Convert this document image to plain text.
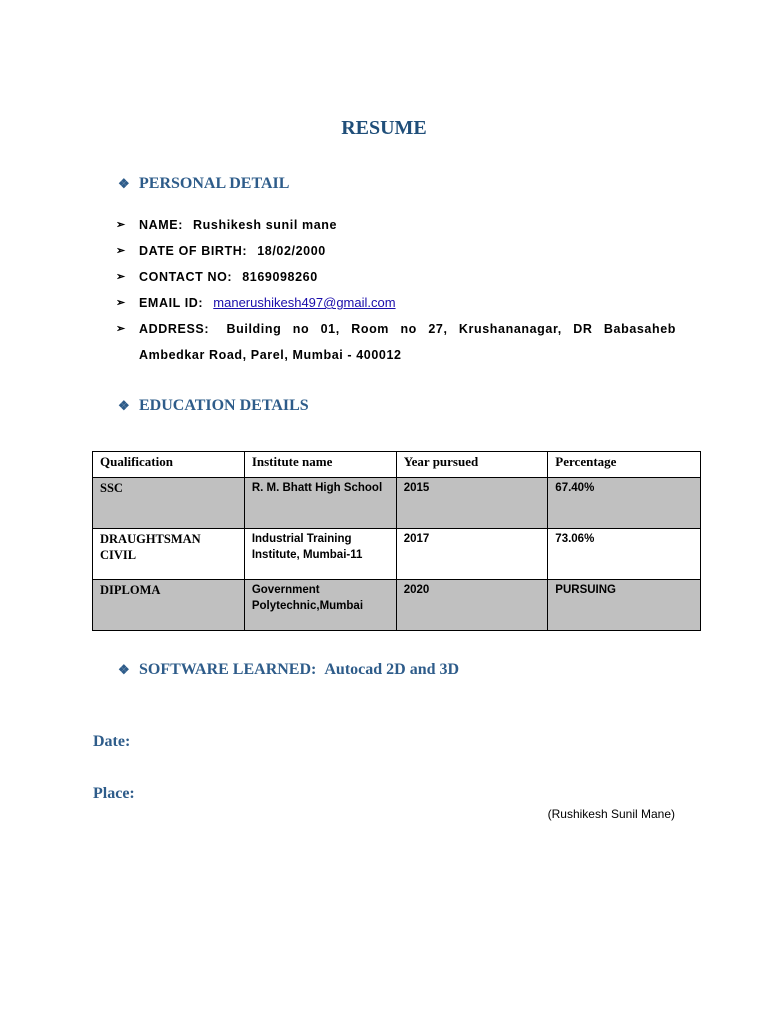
RESUME
❖ PERSONAL DETAIL
➢ NAME: Rushikesh sunil mane
➢ DATE OF BIRTH: 18/02/2000
➢ CONTACT NO: 8169098260
➢ EMAIL ID: manerushikesh497@gmail.com
➢ ADDRESS: Building no 01, Room no 27, Krushananagar, DR Babasaheb Ambedkar Road, Parel, Mumbai - 400012
❖ EDUCATION DETAILS
Qualification	Institute name	Year pursued	Percentage
SSC	R. M. Bhatt High School	2015	67.40%
DRAUGHTSMAN CIVIL	Industrial Training Institute, Mumbai-11	2017	73.06%
DIPLOMA	Government Polytechnic,Mumbai	2020	PURSUING
❖ SOFTWARE LEARNED: Autocad 2D and 3D
Date:
Place:
(Rushikesh Sunil Mane)
